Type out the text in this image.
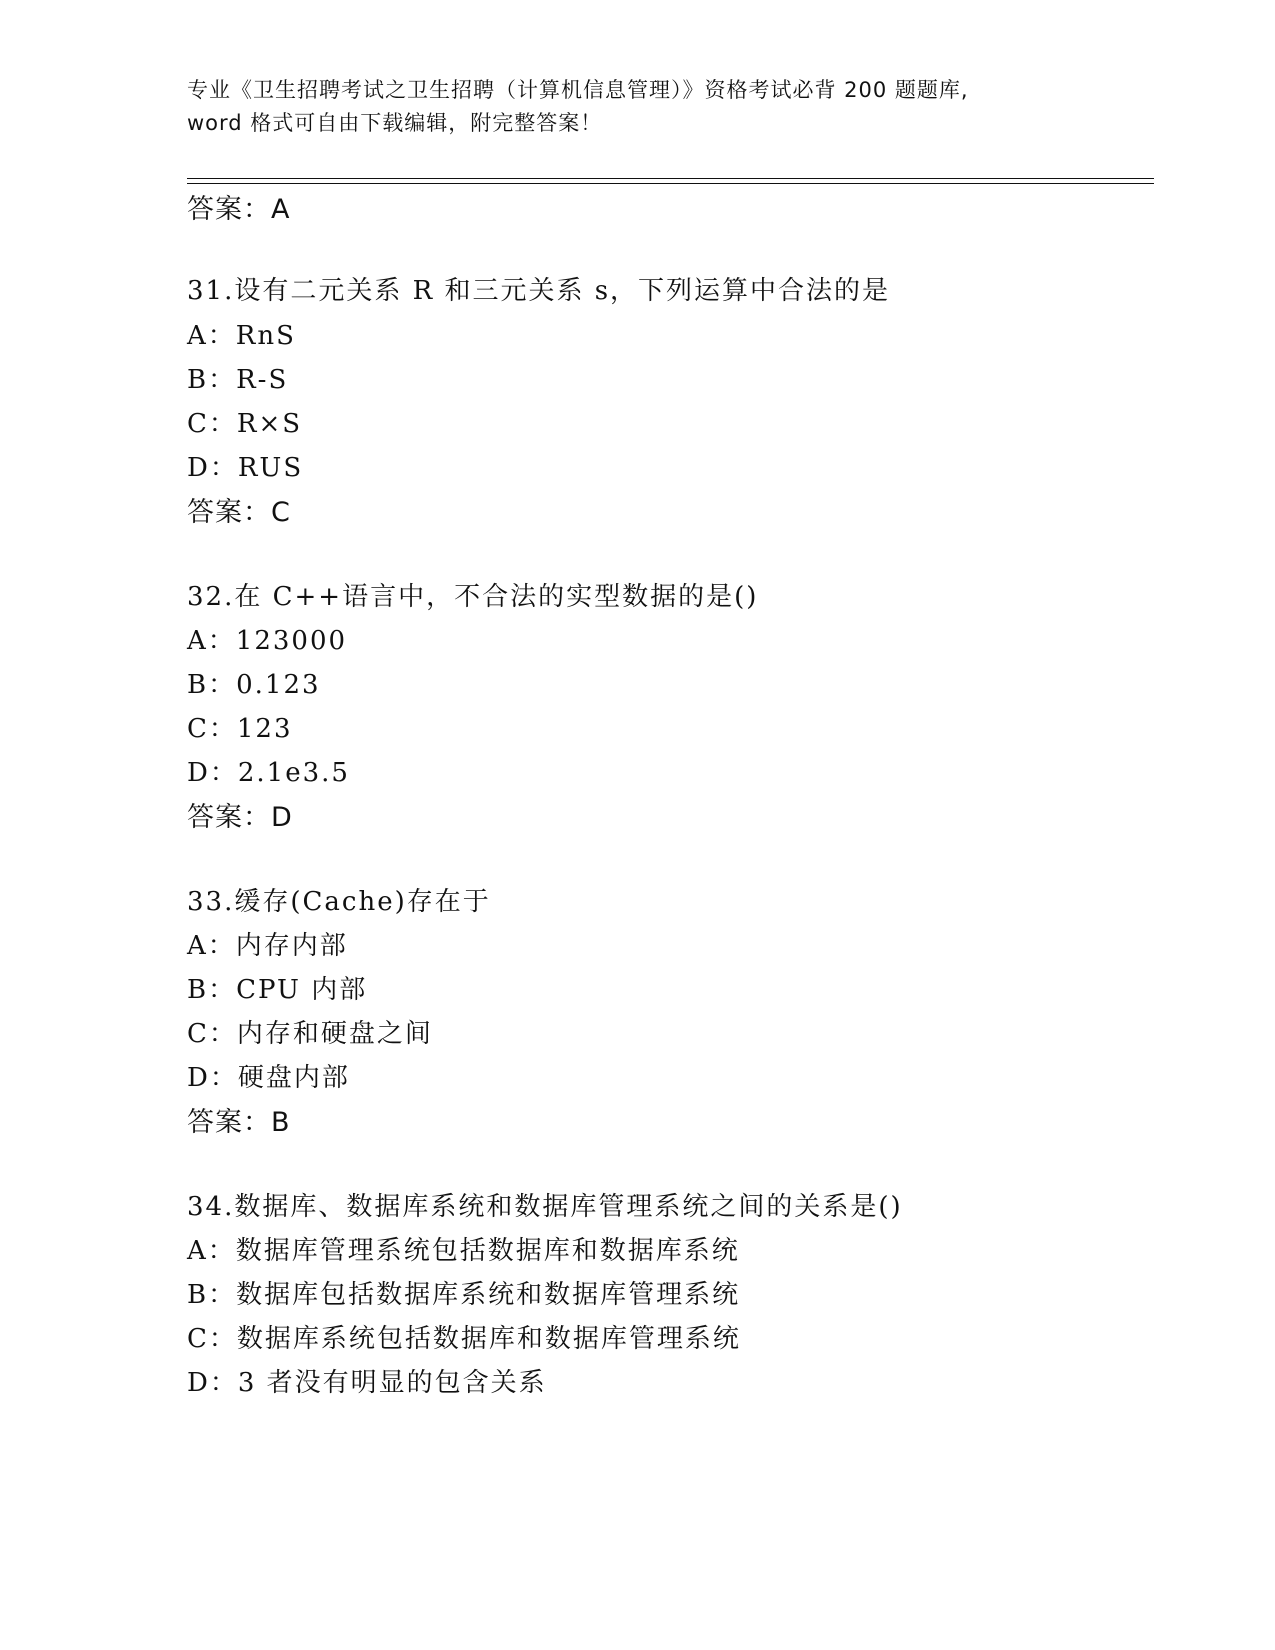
专业《卫生招聘考试之卫生招聘（计算机信息管理）》资格考试必背 200 题题库,
word 格式可自由下载编辑，附完整答案！
答案：A
31.设有二元关系 R 和三元关系 s，下列运算中合法的是
A：RnS
B：R-S
C：R×S
D：RUS
答案：C
32.在 C++语言中，不合法的实型数据的是()
A：123000
B：0.123
C：123
D：2.1e3.5
答案：D
33.缓存(Cache)存在于
A：内存内部
B：CPU 内部
C：内存和硬盘之间
D：硬盘内部
答案：B
34.数据库、数据库系统和数据库管理系统之间的关系是()
A：数据库管理系统包括数据库和数据库系统
B：数据库包括数据库系统和数据库管理系统
C：数据库系统包括数据库和数据库管理系统
D：3 者没有明显的包含关系
